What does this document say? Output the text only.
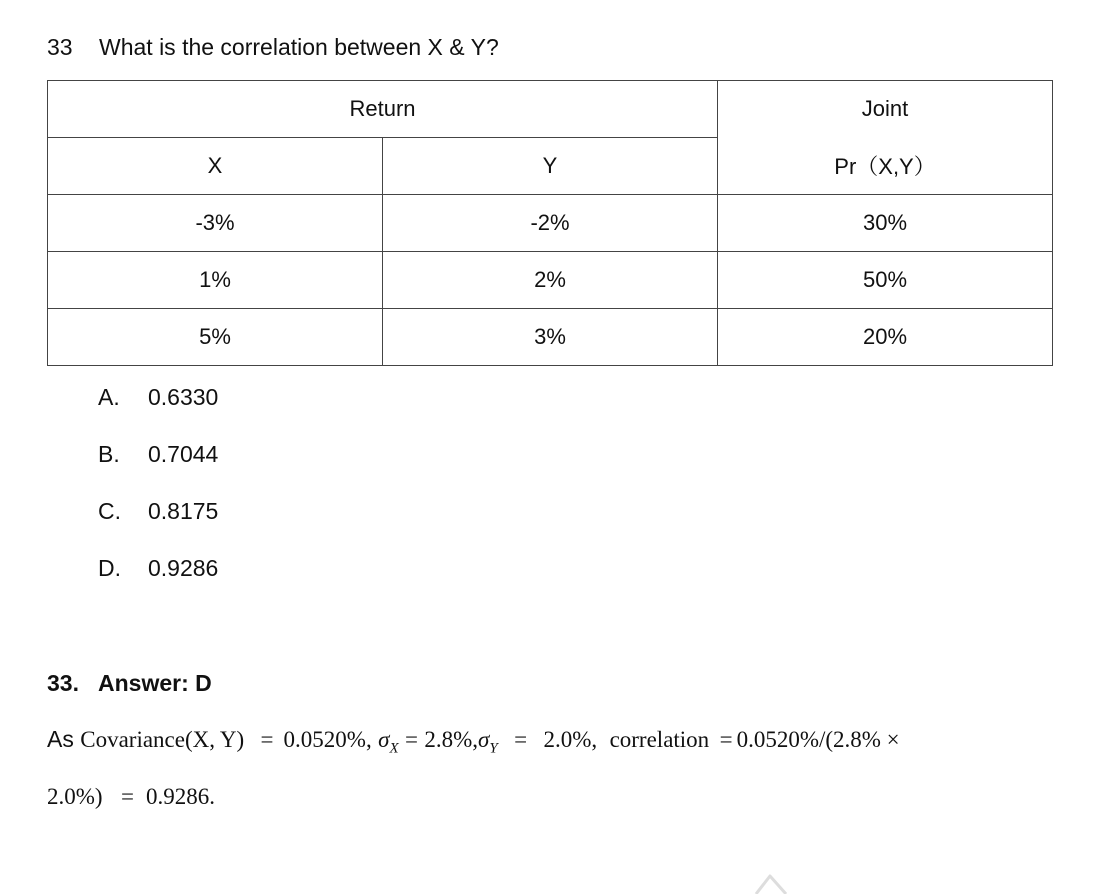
33 What is the correlation between X & Y?
Return		Joint
X	Y	Pr（X,Y）
-3%	-2%	30%
1%	2%	50%
5%	3%	20%
A. 0.6330
B. 0.7044
C. 0.8175
D. 0.9286
33. Answer: D
As Covariance(X, Y) = 0.0520%, $\sigma_X = 2.8\%,\sigma_Y = 2.0\%$, correlation = 0.0520%/(2.8% ×
2.0%) = 0.9286.
